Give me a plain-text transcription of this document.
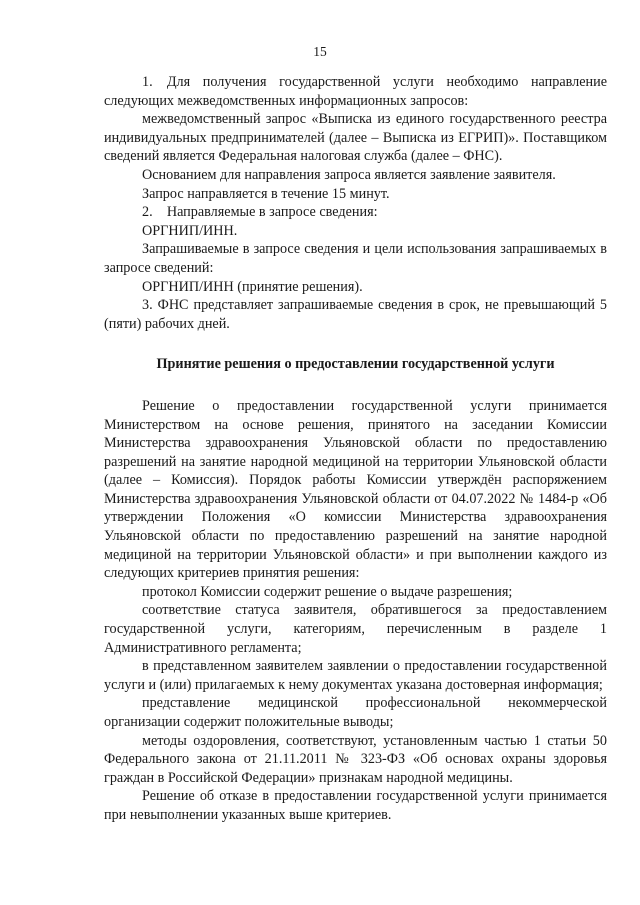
15

1. Для получения государственной услуги необходимо направление следующих межведомственных информационных запросов:

межведомственный запрос «Выписка из единого государственного реестра индивидуальных предпринимателей (далее – Выписка из ЕГРИП)». Поставщиком сведений является Федеральная налоговая служба (далее – ФНС).

Основанием для направления запроса является заявление заявителя.

Запрос направляется в течение 15 минут.

2. Направляемые в запросе сведения:

ОРГНИП/ИНН.

Запрашиваемые в запросе сведения и цели использования запрашиваемых в запросе сведений:

ОРГНИП/ИНН (принятие решения).

3. ФНС представляет запрашиваемые сведения в срок, не превышающий 5 (пяти) рабочих дней.

Принятие решения о предоставлении государственной услуги

Решение о предоставлении государственной услуги принимается Министерством на основе решения, принятого на заседании Комиссии Министерства здравоохранения Ульяновской области по предоставлению разрешений на занятие народной медициной на территории Ульяновской области (далее – Комиссия). Порядок работы Комиссии утверждён распоряжением Министерства здравоохранения Ульяновской области от 04.07.2022 № 1484-р «Об утверждении Положения «О комиссии Министерства здравоохранения Ульяновской области по предоставлению разрешений на занятие народной медициной на территории Ульяновской области» и при выполнении каждого из следующих критериев принятия решения:

протокол Комиссии содержит решение о выдаче разрешения;

соответствие статуса заявителя, обратившегося за предоставлением государственной услуги, категориям, перечисленным в разделе 1 Административного регламента;

в представленном заявителем заявлении о предоставлении государственной услуги и (или) прилагаемых к нему документах указана достоверная информация;

представление медицинской профессиональной некоммерческой организации содержит положительные выводы;

методы оздоровления, соответствуют, установленным частью 1 статьи 50 Федерального закона от 21.11.2011 № 323-ФЗ «Об основах охраны здоровья граждан в Российской Федерации» признакам народной медицины.

Решение об отказе в предоставлении государственной услуги принимается при невыполнении указанных выше критериев.
